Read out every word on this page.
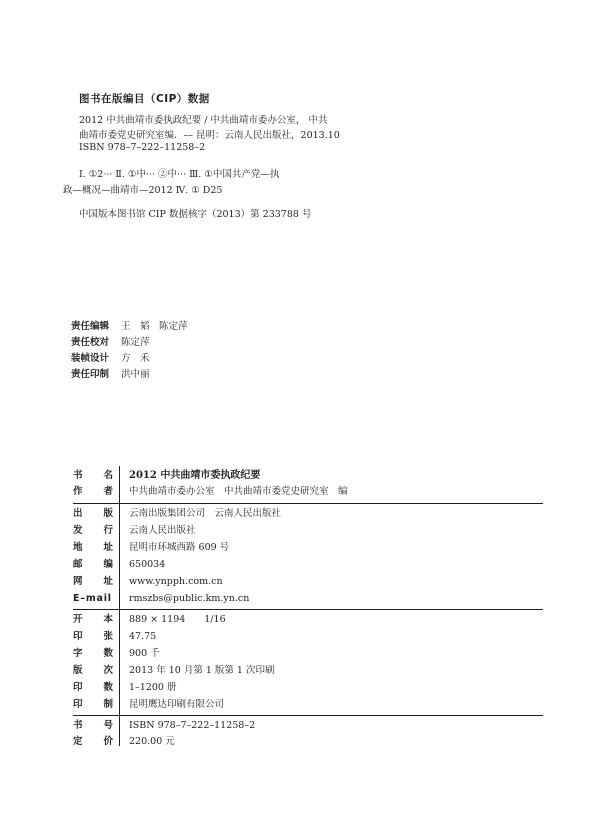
图书在版编目（CIP）数据
2012 中共曲靖市委执政纪要 / 中共曲靖市委办公室， 中共
曲靖市委党史研究室编．–– 昆明：云南人民出版社，2013.10
ISBN 978–7–222–11258–2
Ⅰ. ①2··· Ⅱ. ①中··· ②中··· Ⅲ. ①中国共产党—执
政—概况—曲靖市—2012 Ⅳ. ① D25
中国版本图书馆 CIP 数据核字（2013）第 233788 号
责任编辑 王　韬　陈定萍
责任校对 陈定萍
装帧设计 方　禾
责任印制 洪中丽
书 名 2012 中共曲靖市委执政纪要
作 者 中共曲靖市委办公室　中共曲靖市委党史研究室　编
出 版 云南出版集团公司　云南人民出版社
发 行 云南人民出版社
地 址 昆明市环城西路 609 号
邮 编 650034
网 址 www.ynpph.com.cn
E–mail rmszbs@public.km.yn.cn
开 本 889 × 1194　　1/16
印 张 47.75
字 数 900 千
版 次 2013 年 10 月第 1 版第 1 次印刷
印 数 1–1200 册
印 制 昆明鹰达印刷有限公司
书 号 ISBN 978–7–222–11258–2
定 价 220.00 元
